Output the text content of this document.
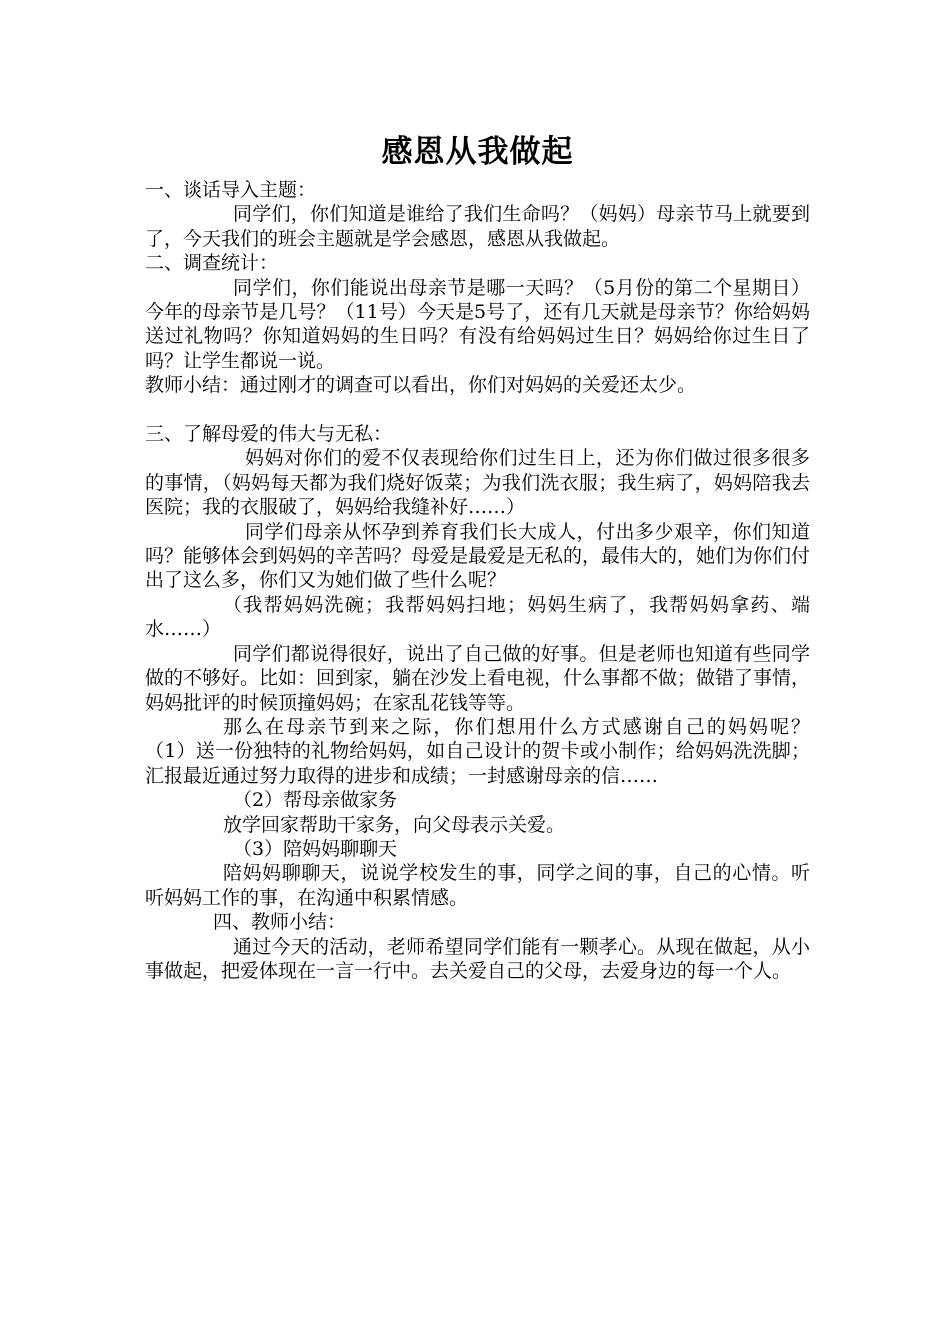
感恩从我做起

一、谈话导入主题：

同学们，你们知道是谁给了我们生命吗？（妈妈）母亲节马上就要到了，今天我们的班会主题就是学会感恩，感恩从我做起。

二、调查统计：

同学们，你们能说出母亲节是哪一天吗？（5月份的第二个星期日）今年的母亲节是几号？（11号）今天是5号了，还有几天就是母亲节？你给妈妈送过礼物吗？你知道妈妈的生日吗？有没有给妈妈过生日？妈妈给你过生日了吗？让学生都说一说。

教师小结：通过刚才的调查可以看出，你们对妈妈的关爱还太少。

三、了解母爱的伟大与无私：

妈妈对你们的爱不仅表现给你们过生日上，还为你们做过很多很多的事情，（妈妈每天都为我们烧好饭菜；为我们洗衣服；我生病了，妈妈陪我去医院；我的衣服破了，妈妈给我缝补好……）

同学们母亲从怀孕到养育我们长大成人，付出多少艰辛，你们知道吗？能够体会到妈妈的辛苦吗？母爱是最爱是无私的，最伟大的，她们为你们付出了这么多，你们又为她们做了些什么呢？

（我帮妈妈洗碗；我帮妈妈扫地；妈妈生病了，我帮妈妈拿药、端水……）

同学们都说得很好，说出了自己做的好事。但是老师也知道有些同学做的不够好。比如：回到家，躺在沙发上看电视，什么事都不做；做错了事情，妈妈批评的时候顶撞妈妈；在家乱花钱等等。

那么在母亲节到来之际，你们想用什么方式感谢自己的妈妈呢？　　　　（1）送一份独特的礼物给妈妈，如自己设计的贺卡或小制作；给妈妈洗洗脚；汇报最近通过努力取得的进步和成绩；一封感谢母亲的信……

（2）帮母亲做家务

放学回家帮助干家务，向父母表示关爱。

（3）陪妈妈聊聊天

陪妈妈聊聊天，说说学校发生的事，同学之间的事，自己的心情。听听妈妈工作的事，在沟通中积累情感。

四、教师小结：

通过今天的活动，老师希望同学们能有一颗孝心。从现在做起，从小事做起，把爱体现在一言一行中。去关爱自己的父母，去爱身边的每一个人。
